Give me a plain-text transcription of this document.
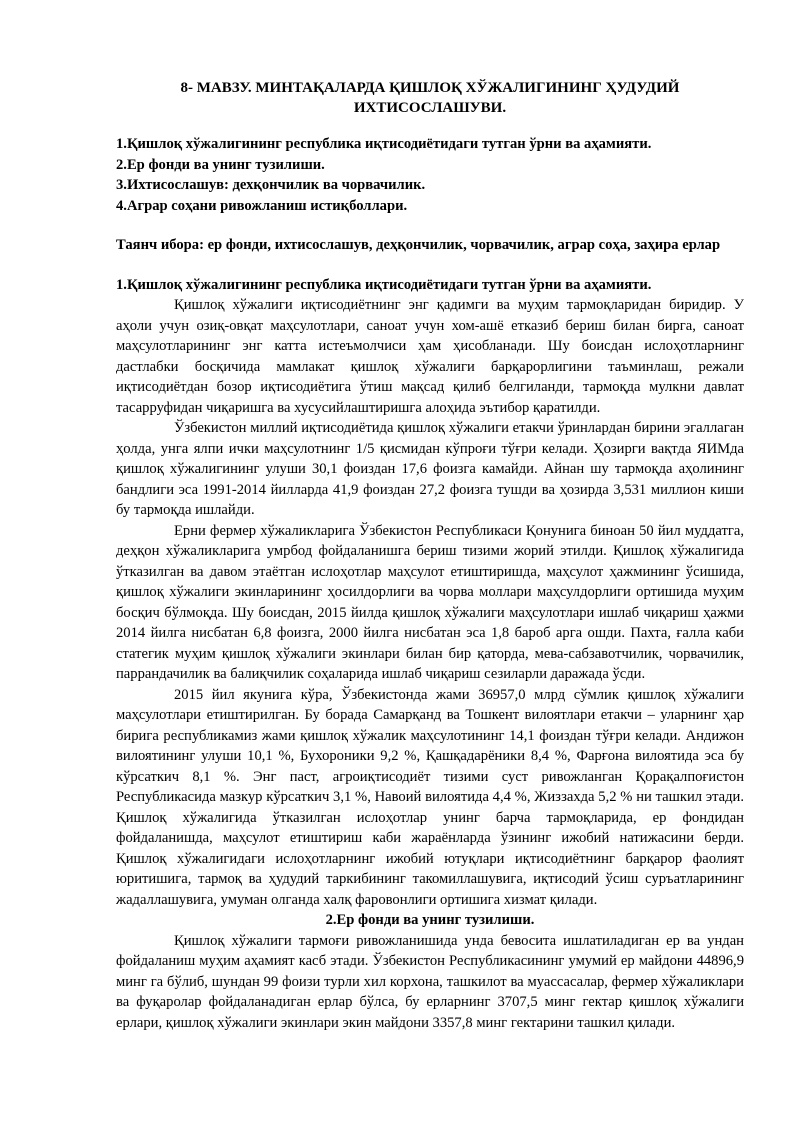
8- МАВЗУ. МИНТАҚАЛАРДА ҚИШЛОҚ ХЎЖАЛИГИНИНГ ҲУДУДИЙ
ИХТИСОСЛАШУВИ.

1.Қишлоқ хўжалигининг республика иқтисодиётидаги тутган ўрни ва аҳамияти.

2.Ер фонди ва унинг тузилиши.

3.Ихтисослашув: дехқончилик ва чорвачилик.

4.Аграр соҳани ривожланиш истиқболлари.

Таянч ибора: ер фонди, ихтисослашув, деҳқончилик, чорвачилик, аграр соҳа, заҳира ерлар

1.Қишлоқ хўжалигининг республика иқтисодиётидаги тутган ўрни ва аҳамияти.

Қишлоқ хўжалиги иқтисодиётнинг энг қадимги ва муҳим тармоқларидан биридир. У аҳоли учун озиқ-овқат маҳсулотлари, саноат учун хом-ашё етказиб бериш билан бирга, саноат маҳсулотларининг энг катта истеъмолчиси ҳам ҳисобланади. Шу боисдан ислоҳотларнинг дастлабки босқичида мамлакат қишлоқ хўжалиги барқарорлигини таъминлаш, режали иқтисодиётдан бозор иқтисодиётига ўтиш мақсад қилиб белгиланди, тармоқда мулкни давлат тасарруфидан чиқаришга ва хусусийлаштиришга алоҳида эътибор қаратилди.

Ўзбекистон миллий иқтисодиётида қишлоқ хўжалиги етакчи ўринлардан бирини эгаллаган ҳолда, унга ялпи ички маҳсулотнинг 1/5 қисмидан кўпроғи тўғри келади. Ҳозирги вақтда ЯИМда қишлоқ хўжалигининг улуши 30,1 фоиздан 17,6 фоизга камайди. Айнан шу тармоқда аҳолининг бандлиги эса 1991-2014 йилларда 41,9 фоиздан 27,2 фоизга тушди ва ҳозирда 3,531 миллион киши бу тармоқда ишлайди.

Ерни фермер хўжаликларига Ўзбекистон Республикаси Қонунига биноан 50 йил муддатга, деҳқон хўжаликларига умрбод фойдаланишга бериш тизими жорий этилди. Қишлоқ хўжалигида ўтказилган ва давом этаётган ислоҳотлар маҳсулот етиштиришда, маҳсулот ҳажмининг ўсишида, қишлоқ хўжалиги экинларининг ҳосилдорлиги ва чорва моллари маҳсулдорлиги ортишида муҳим босқич бўлмоқда. Шу боисдан, 2015 йилда қишлоқ хўжалиги маҳсулотлари ишлаб чиқариш ҳажми 2014 йилга нисбатан 6,8 фоизга, 2000 йилга нисбатан эса 1,8 бароб арга ошди. Пахта, ғалла каби статегик муҳим қишлоқ хўжалиги экинлари билан бир қаторда, мева-сабзавотчилик, чорвачилик, паррандачилик ва балиқчилик соҳаларида ишлаб чиқариш сезиларли даражада ўсди.

2015 йил якунига кўра, Ўзбекистонда жами 36957,0 млрд сўмлик қишлоқ хўжалиги маҳсулотлари етиштирилган. Бу борада Самарқанд ва Тошкент вилоятлари етакчи – уларнинг ҳар бирига республикамиз жами қишлоқ хўжалик маҳсулотининг 14,1 фоиздан тўғри келади. Андижон вилоятининг улуши 10,1 %, Бухороники 9,2 %, Қашқадарёники 8,4 %, Фарғона вилоятида эса бу кўрсаткич 8,1 %. Энг паст, агроиқтисодиёт тизими суст ривожланган Қорақалпоғистон Республикасида мазкур кўрсаткич 3,1 %, Навоий вилоятида 4,4 %, Жиззахда 5,2 % ни ташкил этади. Қишлоқ хўжалигида ўтказилган ислоҳотлар унинг барча тармоқларида, ер фондидан фойдаланишда, маҳсулот етиштириш каби жараёнларда ўзининг ижобий натижасини берди. Қишлоқ хўжалигидаги ислоҳотларнинг ижобий ютуқлари иқтисодиётнинг барқарор фаолият юритишига, тармоқ ва ҳудудий таркибининг такомиллашувига, иқтисодий ўсиш суръатларининг жадаллашувига, умуман олганда халқ фаровонлиги ортишига хизмат қилади.

2.Ер фонди ва унинг тузилиши.

Қишлоқ хўжалиги тармоғи ривожланишида унда бевосита ишлатиладиган ер ва ундан фойдаланиш муҳим аҳамият касб этади. Ўзбекистон Республикасининг умумий ер майдони 44896,9 минг га бўлиб, шундан 99 фоизи турли хил корхона, ташкилот ва муассасалар, фермер хўжаликлари ва фуқаролар фойдаланадиган ерлар бўлса, бу ерларнинг 3707,5 минг гектар қишлоқ хўжалиги ерлари, қишлоқ хўжалиги экинлари экин майдони 3357,8 минг гектарини ташкил қилади.
